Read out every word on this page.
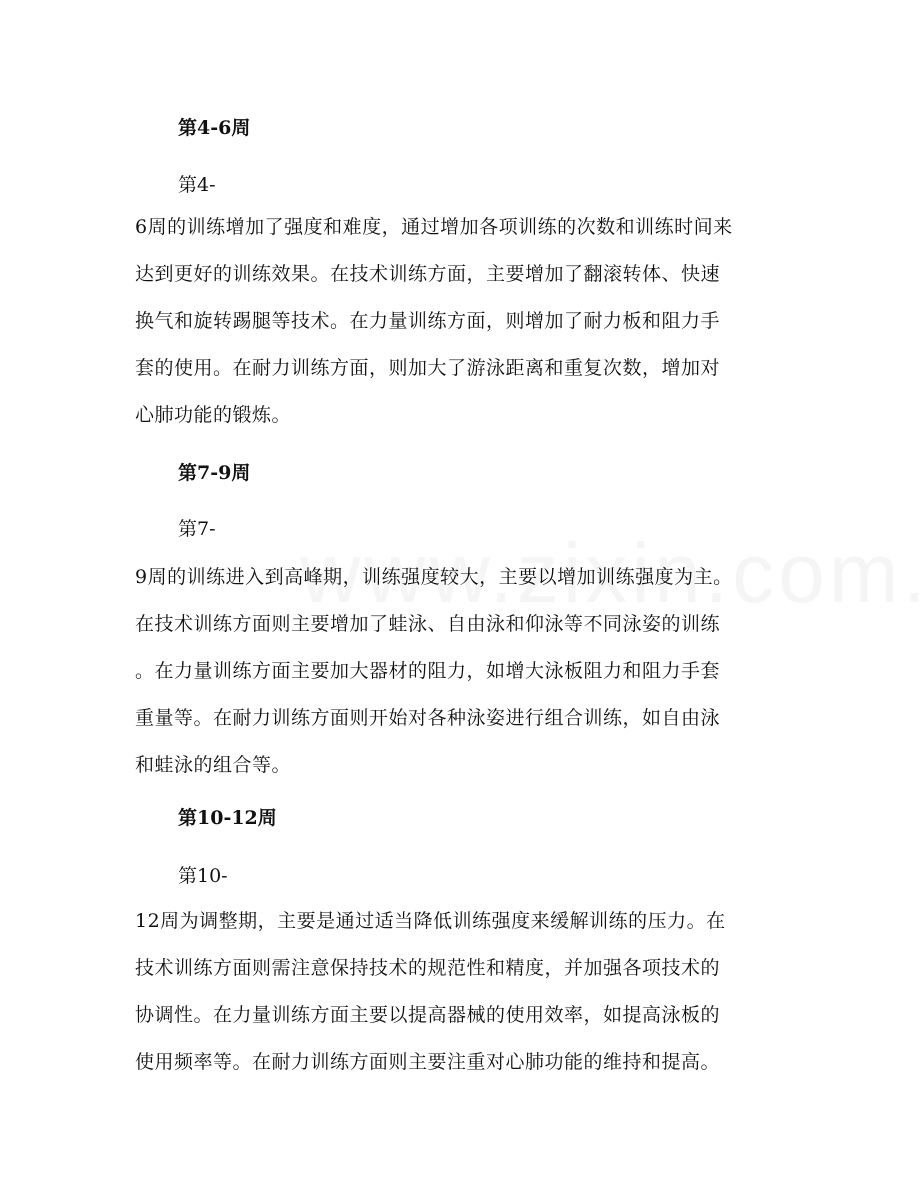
第4-6周
第4-
6周的训练增加了强度和难度，通过增加各项训练的次数和训练时间来
达到更好的训练效果。在技术训练方面，主要增加了翻滚转体、快速
换气和旋转踢腿等技术。在力量训练方面，则增加了耐力板和阻力手
套的使用。在耐力训练方面，则加大了游泳距离和重复次数，增加对
心肺功能的锻炼。
第7-9周
第7-
9周的训练进入到高峰期，训练强度较大，主要以增加训练强度为主。
在技术训练方面则主要增加了蛙泳、自由泳和仰泳等不同泳姿的训练
。在力量训练方面主要加大器材的阻力，如增大泳板阻力和阻力手套
重量等。在耐力训练方面则开始对各种泳姿进行组合训练，如自由泳
和蛙泳的组合等。
第10-12周
第10-
12周为调整期，主要是通过适当降低训练强度来缓解训练的压力。在
技术训练方面则需注意保持技术的规范性和精度，并加强各项技术的
协调性。在力量训练方面主要以提高器械的使用效率，如提高泳板的
使用频率等。在耐力训练方面则主要注重对心肺功能的维持和提高。
